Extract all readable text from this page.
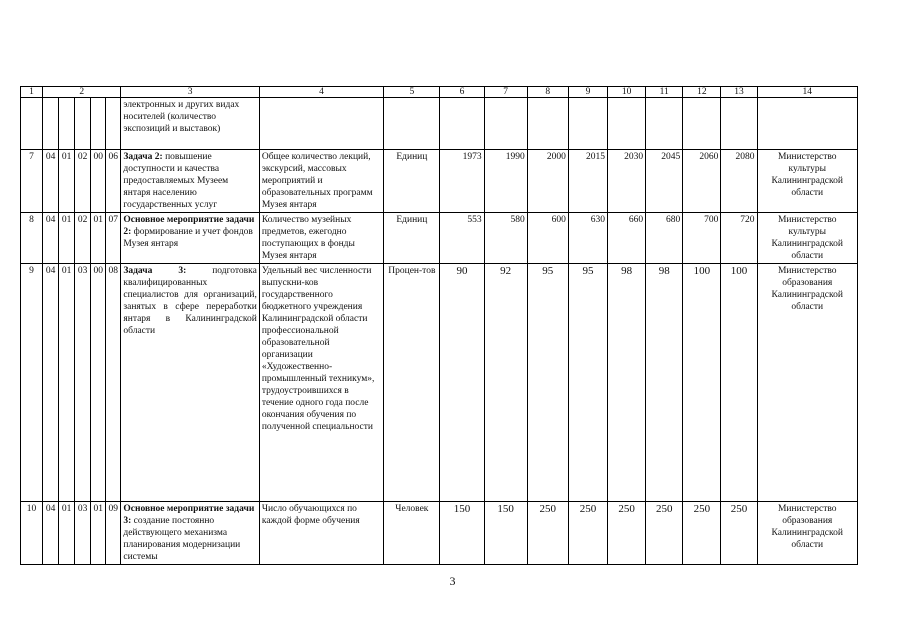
1	2					3	4	5	6	7	8	9	10	11	12	13	14
						электронных и других видах носителей (количество экспозиций и выставок)											
7	04	01	02	00	06	Задача 2: повышение доступности и качества предоставляемых Музеем янтаря населению государственных услуг	Общее количество лекций, экскурсий, массовых мероприятий и образовательных программ Музея янтаря	Единиц	1973	1990	2000	2015	2030	2045	2060	2080	Министерство культуры Калининградской области
8	04	01	02	01	07	Основное мероприятие задачи 2: формирование и учет фондов Музея янтаря	Количество музейных предметов, ежегодно поступающих в фонды Музея янтаря	Единиц	553	580	600	630	660	680	700	720	Министерство культуры Калининградской области
9	04	01	03	00	08	Задача 3: подготовка квалифицированных специалистов для организаций, занятых в сфере переработки янтаря в Калининградской области	Удельный вес численности выпускни-ков государственного бюджетного учреждения Калининградской области профессиональной образовательной организации «Художественно-промышленный техникум», трудоустроившихся в течение одного года после окончания обучения по полученной специальности	Процен-тов	90	92	95	95	98	98	100	100	Министерство образования Калининградской области
10	04	01	03	01	09	Основное мероприятие задачи 3: создание постоянно действующего механизма планирования модернизации системы	Число обучающихся по каждой форме обучения	Человек	150	150	250	250	250	250	250	250	Министерство образования Калининградской области
3
